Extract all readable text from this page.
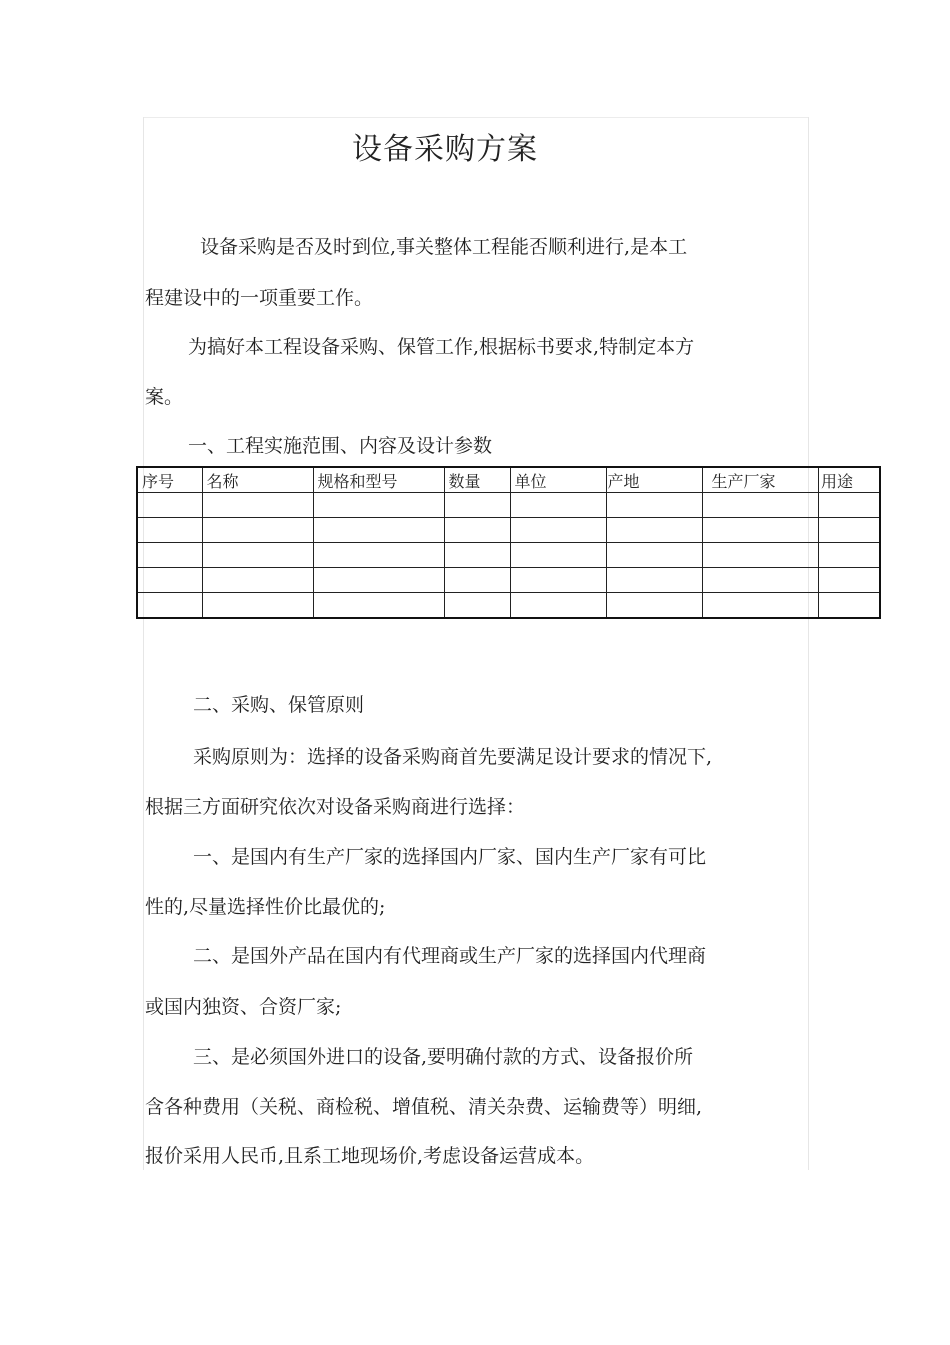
设备采购方案
设备采购是否及时到位,事关整体工程能否顺利进行,是本工
程建设中的一项重要工作。
为搞好本工程设备采购、保管工作,根据标书要求,特制定本方
案。
一、工程实施范围、内容及设计参数
序号	名称	规格和型号	数量	单位	产地	生产厂家	用途

二、采购、保管原则
采购原则为：选择的设备采购商首先要满足设计要求的情况下,
根据三方面研究依次对设备采购商进行选择：
一、是国内有生产厂家的选择国内厂家、国内生产厂家有可比
性的,尽量选择性价比最优的;
二、是国外产品在国内有代理商或生产厂家的选择国内代理商
或国内独资、合资厂家;
三、是必须国外进口的设备,要明确付款的方式、设备报价所
含各种费用（关税、商检税、增值税、清关杂费、运输费等）明细,
报价采用人民币,且系工地现场价,考虑设备运营成本。
